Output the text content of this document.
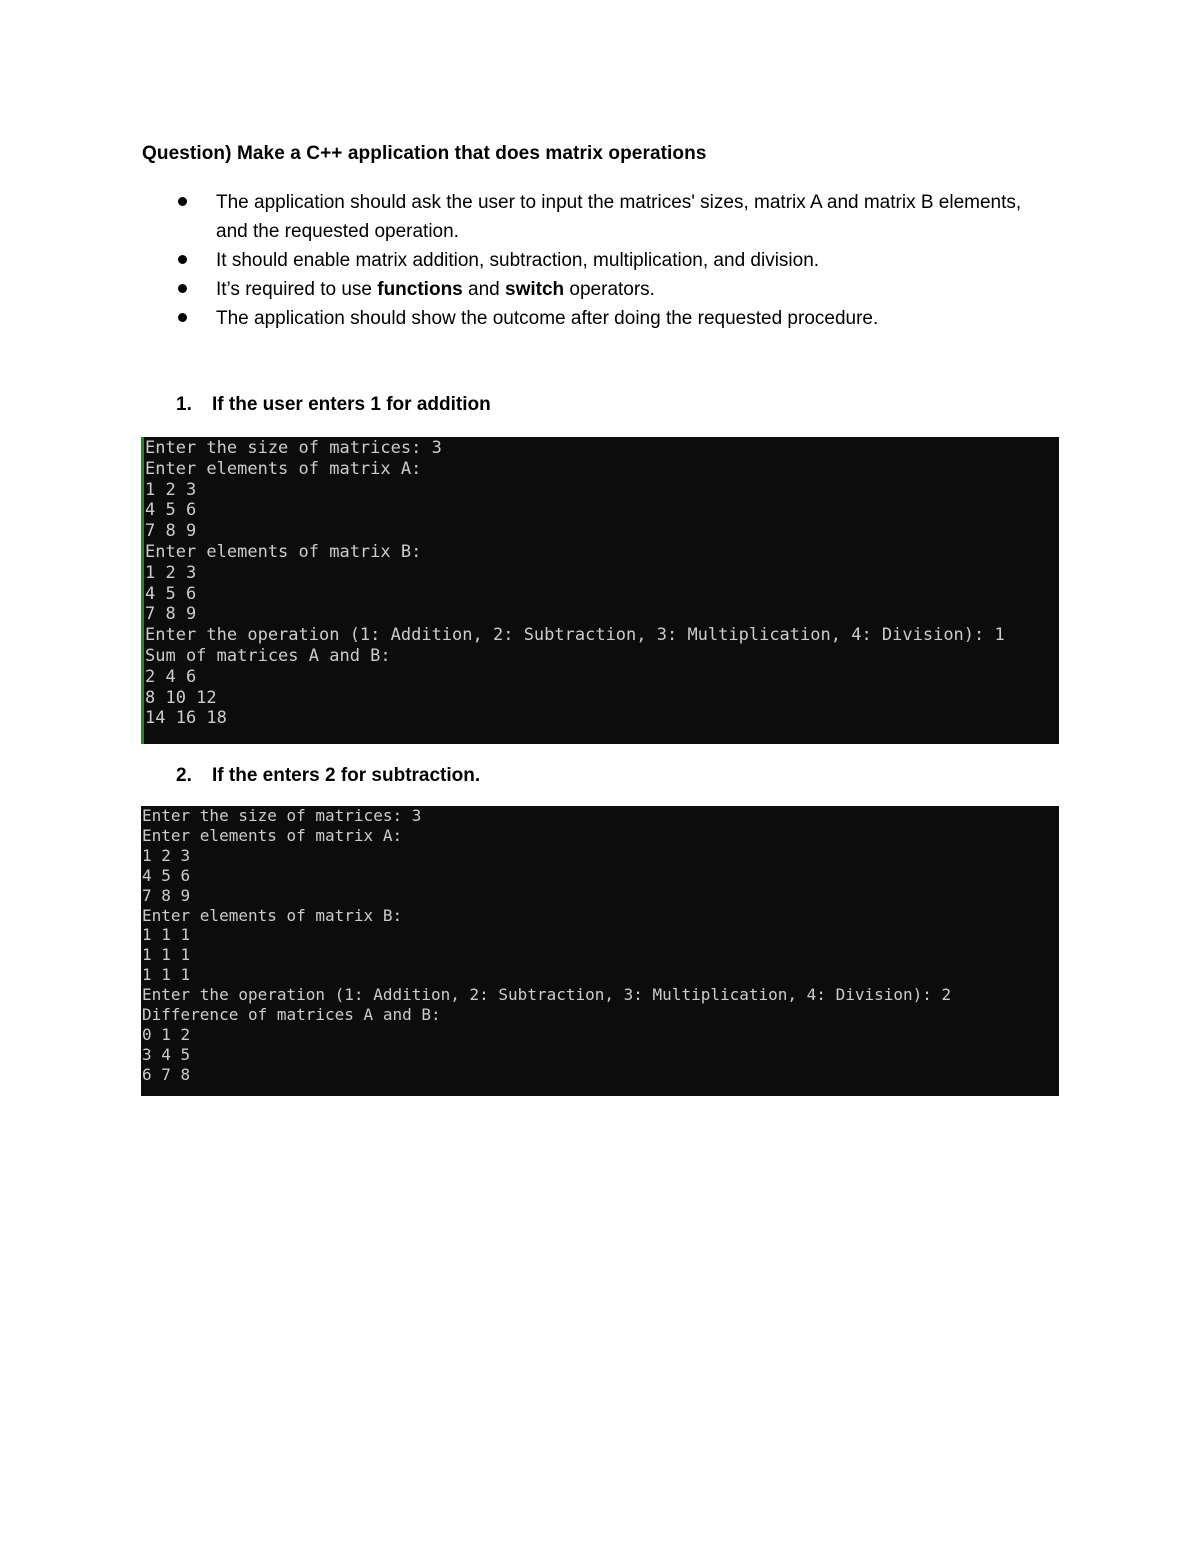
Question) Make a C++ application that does matrix operations
The application should ask the user to input the matrices' sizes, matrix A and matrix B elements,
and the requested operation.
It should enable matrix addition, subtraction, multiplication, and division.
It’s required to use functions and switch operators.
The application should show the outcome after doing the requested procedure.
1. If the user enters 1 for addition
Enter the size of matrices: 3
Enter elements of matrix A:
1 2 3
4 5 6
7 8 9
Enter elements of matrix B:
1 2 3
4 5 6
7 8 9
Enter the operation (1: Addition, 2: Subtraction, 3: Multiplication, 4: Division): 1
Sum of matrices A and B:
2 4 6
8 10 12
14 16 18
2. If the enters 2 for subtraction.
Enter the size of matrices: 3
Enter elements of matrix A:
1 2 3
4 5 6
7 8 9
Enter elements of matrix B:
1 1 1
1 1 1
1 1 1
Enter the operation (1: Addition, 2: Subtraction, 3: Multiplication, 4: Division): 2
Difference of matrices A and B:
0 1 2
3 4 5
6 7 8
